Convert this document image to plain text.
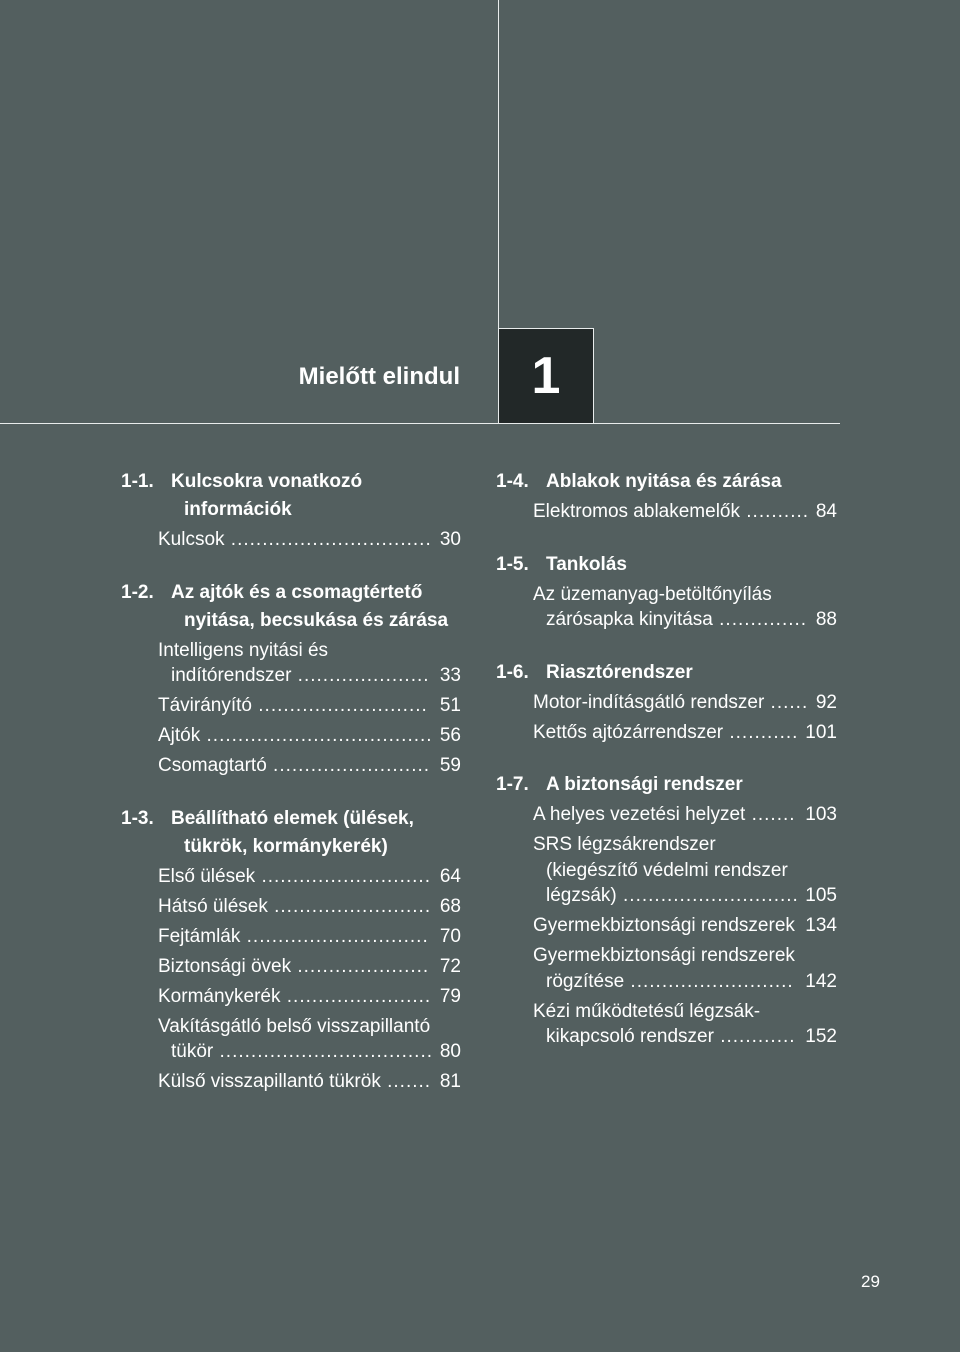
Mielőtt elindul 1
1-1. Kulcsokra vonatkozó információk
Kulcsok ................................ 30
1-2. Az ajtók és a csomagtértető nyitása, becsukása és zárása
Intelligens nyitási és indítórendszer ..................... 33
Távirányító ........................... 51
Ajtók .................................... 56
Csomagtartó ......................... 59
1-3. Beállítható elemek (ülések, tükrök, kormánykerék)
Első ülések ........................... 64
Hátsó ülések ......................... 68
Fejtámlák ............................. 70
Biztonsági övek ..................... 72
Kormánykerék ....................... 79
Vakításgátló belső visszapillantó tükör .................................. 80
Külső visszapillantó tükrök ....... 81
1-4. Ablakok nyitása és zárása
Elektromos ablakemelők .......... 84
1-5. Tankolás
Az üzemanyag-betöltőnyílás zárósapka kinyitása .............. 88
1-6. Riasztórendszer
Motor-indításgátló rendszer ...... 92
Kettős ajtózárrendszer ........... 101
1-7. A biztonsági rendszer
A helyes vezetési helyzet ....... 103
SRS légzsákrendszer (kiegészítő védelmi rendszer légzsák) ............................ 105
Gyermekbiztonsági rendszerek 134
Gyermekbiztonsági rendszerek rögzítése .......................... 142
Kézi működtetésű légzsák-kikapcsoló rendszer ............ 152
29
